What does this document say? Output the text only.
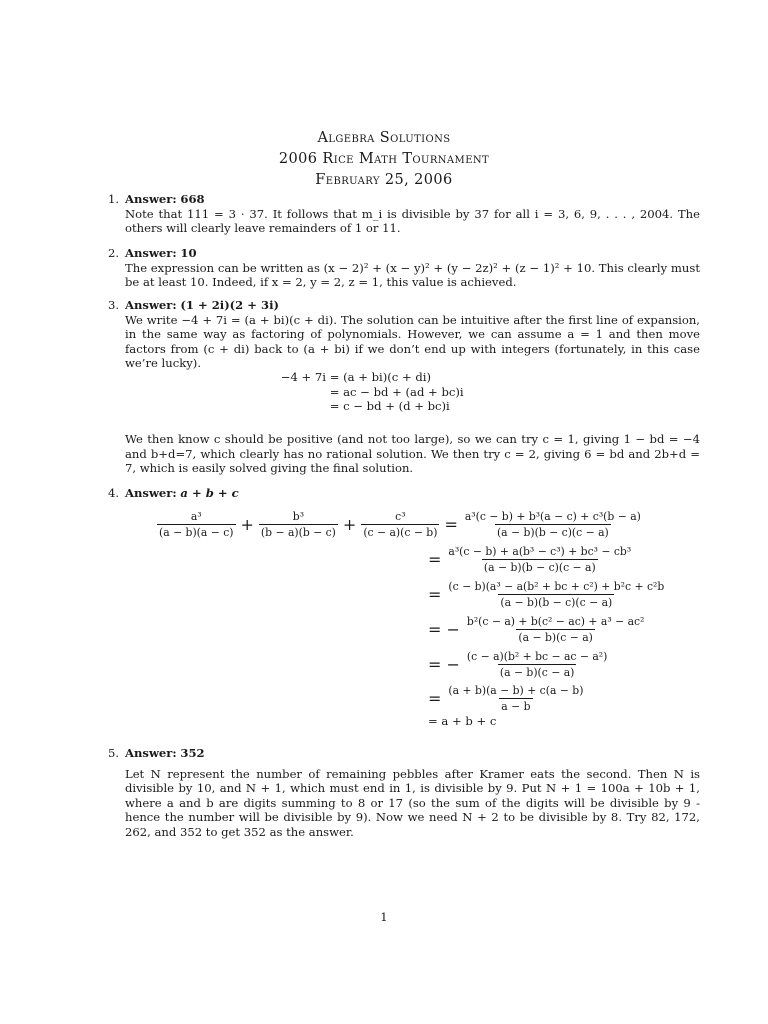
Algebra Solutions
2006 Rice Math Tournament
February 25, 2006
1. Answer: 668

Note that 111 = 3 · 37. It follows that m_i is divisible by 37 for all i = 3, 6, 9, . . . , 2004. The others will clearly leave remainders of 1 or 11.

2. Answer: 10

The expression can be written as (x − 2)² + (x − y)² + (y − 2z)² + (z − 1)² + 10. This clearly must be at least 10. Indeed, if x = 2, y = 2, z = 1, this value is achieved.

3. Answer: (1 + 2i)(2 + 3i)

We write −4 + 7i = (a + bi)(c + di). The solution can be intuitive after the first line of expansion, in the same way as factoring of polynomials. However, we can assume a = 1 and then move factors from (c + di) back to (a + bi) if we don’t end up with integers (fortunately, in this case we’re lucky).

−4 + 7i = (a + bi)(c + di)
= ac − bd + (ad + bc)i
= c − bd + (d + bc)i

We then know c should be positive (and not too large), so we can try c = 1, giving 1 − bd = −4 and b+d=7, which clearly has no rational solution. We then try c = 2, giving 6 = bd and 2b+d = 7, which is easily solved giving the final solution.

4. Answer: a + b + c
$\frac{\text{a³}}{(a - b)(a - c)} + \frac{\text{b³}}{(b - a)(b - c)} + \frac{\text{c³}}{(c - a)(c - b)} = \frac{\text{a³(c − b) + b³(a − c) + c³(b − a)}}{(a - b)(b - c)(c - a)}$
= $\frac{\text{a³(c − b) + a(b³ − c³) + bc³ − cb³}}{(a - b)(b - c)(c - a)}$
= $\frac{\text{(c − b)(a³ − a(b² + bc + c²) + b²c + c²b}}{(a - b)(b - c)(c - a)}$
= − $\frac{\text{b²(c − a) + b(c² − ac) + a³ − ac²}}{(a - b)(c - a)}$
= − $\frac{\text{(c − a)(b² + bc − ac − a²)}}{(a - b)(c - a)}$
= $\frac{(a + b)(a - b) + c(a - b)}{a - b}$
= a + b + c
5. Answer: 352

Let N represent the number of remaining pebbles after Kramer eats the second. Then N is divisible by 10, and N + 1, which must end in 1, is divisible by 9. Put N + 1 = 100a + 10b + 1, where a and b are digits summing to 8 or 17 (so the sum of the digits will be divisible by 9 - hence the number will be divisible by 9). Now we need N + 2 to be divisible by 8. Try 82, 172, 262, and 352 to get 352 as the answer.

1
